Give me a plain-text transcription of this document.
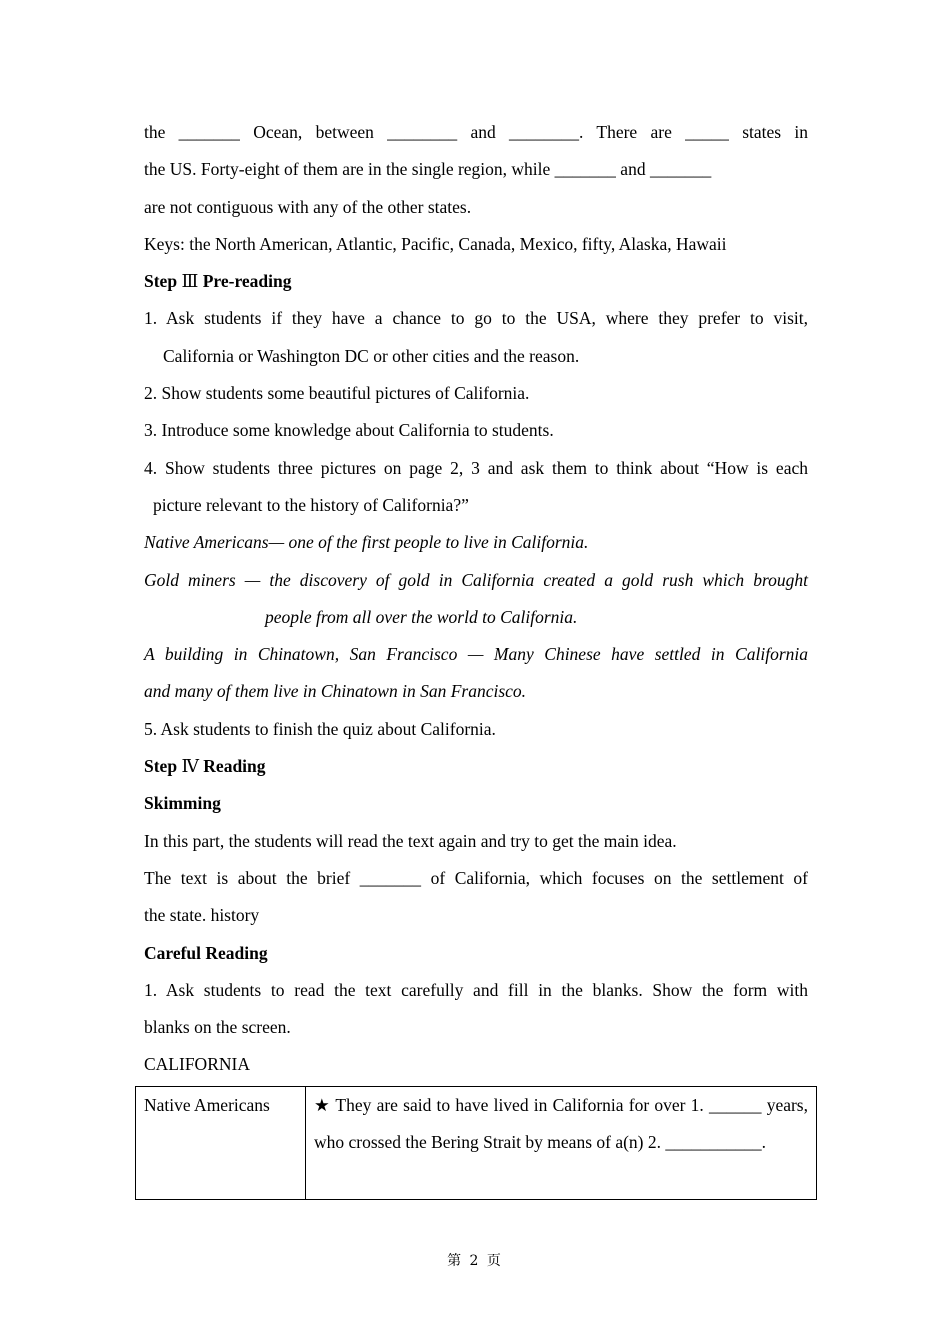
the _______ Ocean, between ________ and ________. There are _____ states in

the US. Forty-eight of them are in the single region, while _______ and _______

are not contiguous with any of the other states.

Keys: the North American, Atlantic, Pacific, Canada, Mexico, fifty, Alaska, Hawaii

Step Ⅲ Pre-reading

1. Ask students if they have a chance to go to the USA, where they prefer to visit,

California or Washington DC or other cities and the reason.

2. Show students some beautiful pictures of California.

3. Introduce some knowledge about California to students.

4. Show students three pictures on page 2, 3 and ask them to think about “How is each

picture relevant to the history of California?”

Native Americans— one of the first people to live in California.

Gold miners — the discovery of gold in California created a gold rush which brought

people from all over the world to California.

A building in Chinatown, San Francisco — Many Chinese have settled in California

and many of them live in Chinatown in San Francisco.

5. Ask students to finish the quiz about California.

Step Ⅳ Reading

Skimming

In this part, the students will read the text again and try to get the main idea.

The text is about the brief _______ of California, which focuses on the settlement of

the state. history

Careful Reading

1. Ask students to read the text carefully and fill in the blanks. Show the form with

blanks on the screen.

CALIFORNIA

Native Americans	★ They are said to have lived in California for over 1. ______ years, who crossed the Bering Strait by means of a(n) 2. ___________.
第 2 页
